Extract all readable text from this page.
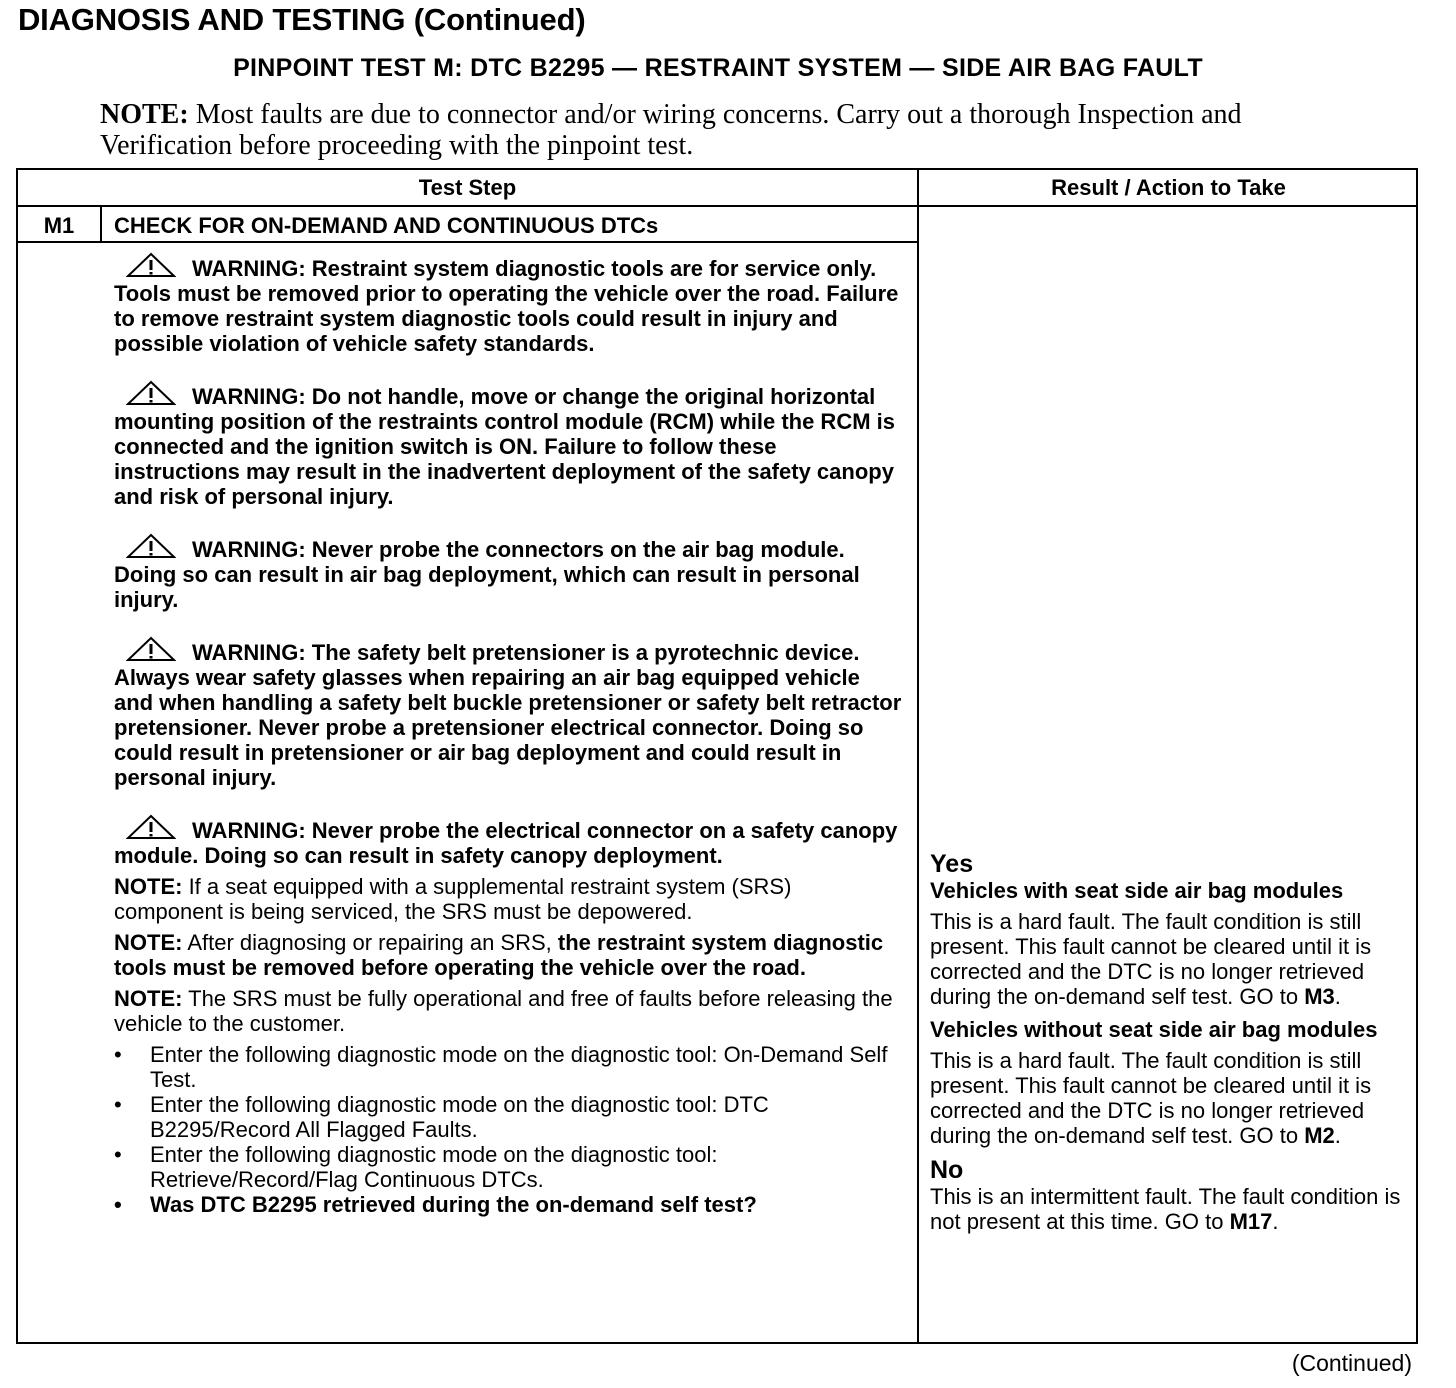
DIAGNOSIS AND TESTING (Continued)
PINPOINT TEST M: DTC B2295 — RESTRAINT SYSTEM — SIDE AIR BAG FAULT
NOTE: Most faults are due to connector and/or wiring concerns. Carry out a thorough Inspection and Verification before proceeding with the pinpoint test.
Test Step	Result / Action to Take
M1	CHECK FOR ON-DEMAND AND CONTINUOUS DTCs
WARNING: Restraint system diagnostic tools are for service only. Tools must be removed prior to operating the vehicle over the road. Failure to remove restraint system diagnostic tools could result in injury and possible violation of vehicle safety standards.
WARNING: Do not handle, move or change the original horizontal mounting position of the restraints control module (RCM) while the RCM is connected and the ignition switch is ON. Failure to follow these instructions may result in the inadvertent deployment of the safety canopy and risk of personal injury.
WARNING: Never probe the connectors on the air bag module. Doing so can result in air bag deployment, which can result in personal injury.
WARNING: The safety belt pretensioner is a pyrotechnic device. Always wear safety glasses when repairing an air bag equipped vehicle and when handling a safety belt buckle pretensioner or safety belt retractor pretensioner. Never probe a pretensioner electrical connector. Doing so could result in pretensioner or air bag deployment and could result in personal injury.
WARNING: Never probe the electrical connector on a safety canopy module. Doing so can result in safety canopy deployment.
NOTE: If a seat equipped with a supplemental restraint system (SRS) component is being serviced, the SRS must be depowered.
NOTE: After diagnosing or repairing an SRS, the restraint system diagnostic tools must be removed before operating the vehicle over the road.
NOTE: The SRS must be fully operational and free of faults before releasing the vehicle to the customer.
• Enter the following diagnostic mode on the diagnostic tool: On-Demand Self Test.
• Enter the following diagnostic mode on the diagnostic tool: DTC B2295/Record All Flagged Faults.
• Enter the following diagnostic mode on the diagnostic tool: Retrieve/Record/Flag Continuous DTCs.
• Was DTC B2295 retrieved during the on-demand self test?
Yes
Vehicles with seat side air bag modules
This is a hard fault. The fault condition is still present. This fault cannot be cleared until it is corrected and the DTC is no longer retrieved during the on-demand self test. GO to M3.
Vehicles without seat side air bag modules
This is a hard fault. The fault condition is still present. This fault cannot be cleared until it is corrected and the DTC is no longer retrieved during the on-demand self test. GO to M2.
No
This is an intermittent fault. The fault condition is not present at this time. GO to M17.
(Continued)
